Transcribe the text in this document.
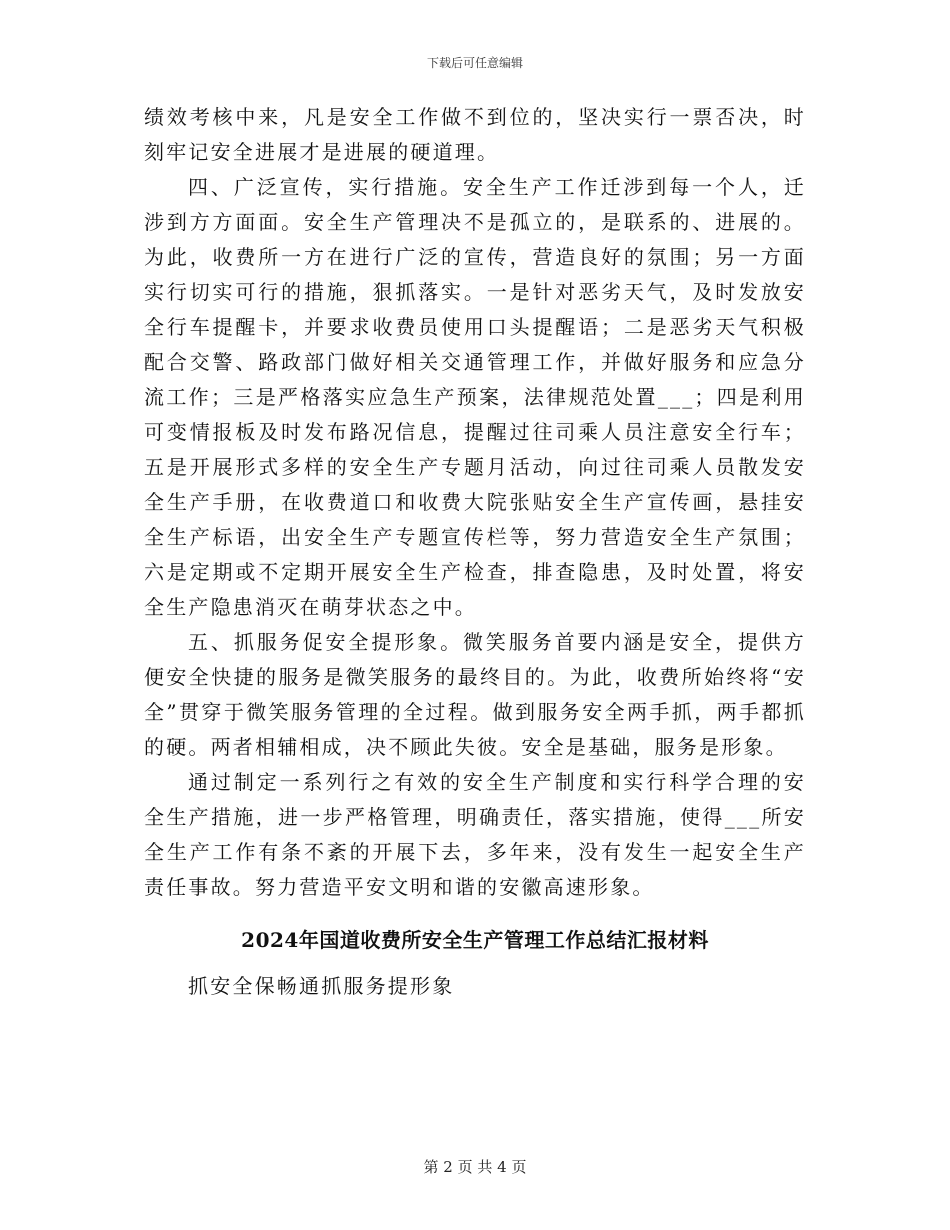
下载后可任意编辑

绩效考核中来，凡是安全工作做不到位的，坚决实行一票否决，时刻牢记安全进展才是进展的硬道理。

四、广泛宣传，实行措施。安全生产工作迁涉到每一个人，迁涉到方方面面。安全生产管理决不是孤立的，是联系的、进展的。为此，收费所一方在进行广泛的宣传，营造良好的氛围；另一方面实行切实可行的措施，狠抓落实。一是针对恶劣天气，及时发放安全行车提醒卡，并要求收费员使用口头提醒语；二是恶劣天气积极配合交警、路政部门做好相关交通管理工作，并做好服务和应急分流工作；三是严格落实应急生产预案，法律规范处置___；四是利用可变情报板及时发布路况信息，提醒过往司乘人员注意安全行车；五是开展形式多样的安全生产专题月活动，向过往司乘人员散发安全生产手册，在收费道口和收费大院张贴安全生产宣传画，悬挂安全生产标语，出安全生产专题宣传栏等，努力营造安全生产氛围；六是定期或不定期开展安全生产检查，排查隐患，及时处置，将安全生产隐患消灭在萌芽状态之中。

五、抓服务促安全提形象。微笑服务首要内涵是安全，提供方便安全快捷的服务是微笑服务的最终目的。为此，收费所始终将“安全”贯穿于微笑服务管理的全过程。做到服务安全两手抓，两手都抓的硬。两者相辅相成，决不顾此失彼。安全是基础，服务是形象。

通过制定一系列行之有效的安全生产制度和实行科学合理的安全生产措施，进一步严格管理，明确责任，落实措施，使得___所安全生产工作有条不紊的开展下去，多年来，没有发生一起安全生产责任事故。努力营造平安文明和谐的安徽高速形象。

2024年国道收费所安全生产管理工作总结汇报材料

抓安全保畅通抓服务提形象

第 2 页 共 4 页
